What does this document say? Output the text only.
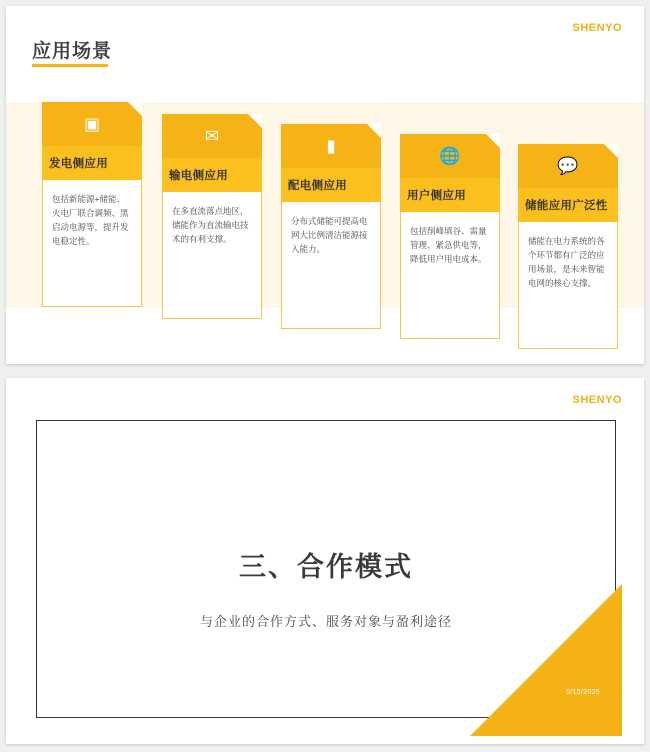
SHENYO
应用场景
▣
发电侧应用
包括新能源+储能、火电厂联合调频、黑启动电源等，提升发电稳定性。
✉
输电侧应用
在多直流落点地区，储能作为直流输电技术的有利支撑。
▮
配电侧应用
分布式储能可提高电网大比例清洁能源接入能力。
🌐
用户侧应用
包括削峰填谷、需量管理、紧急供电等，降低用户用电成本。
💬
储能应用广泛性
储能在电力系统的各个环节都有广泛的应用场景，是未来智能电网的核心支撑。
SHENYO
三、合作模式
与企业的合作方式、服务对象与盈利途径
5/15/2025
